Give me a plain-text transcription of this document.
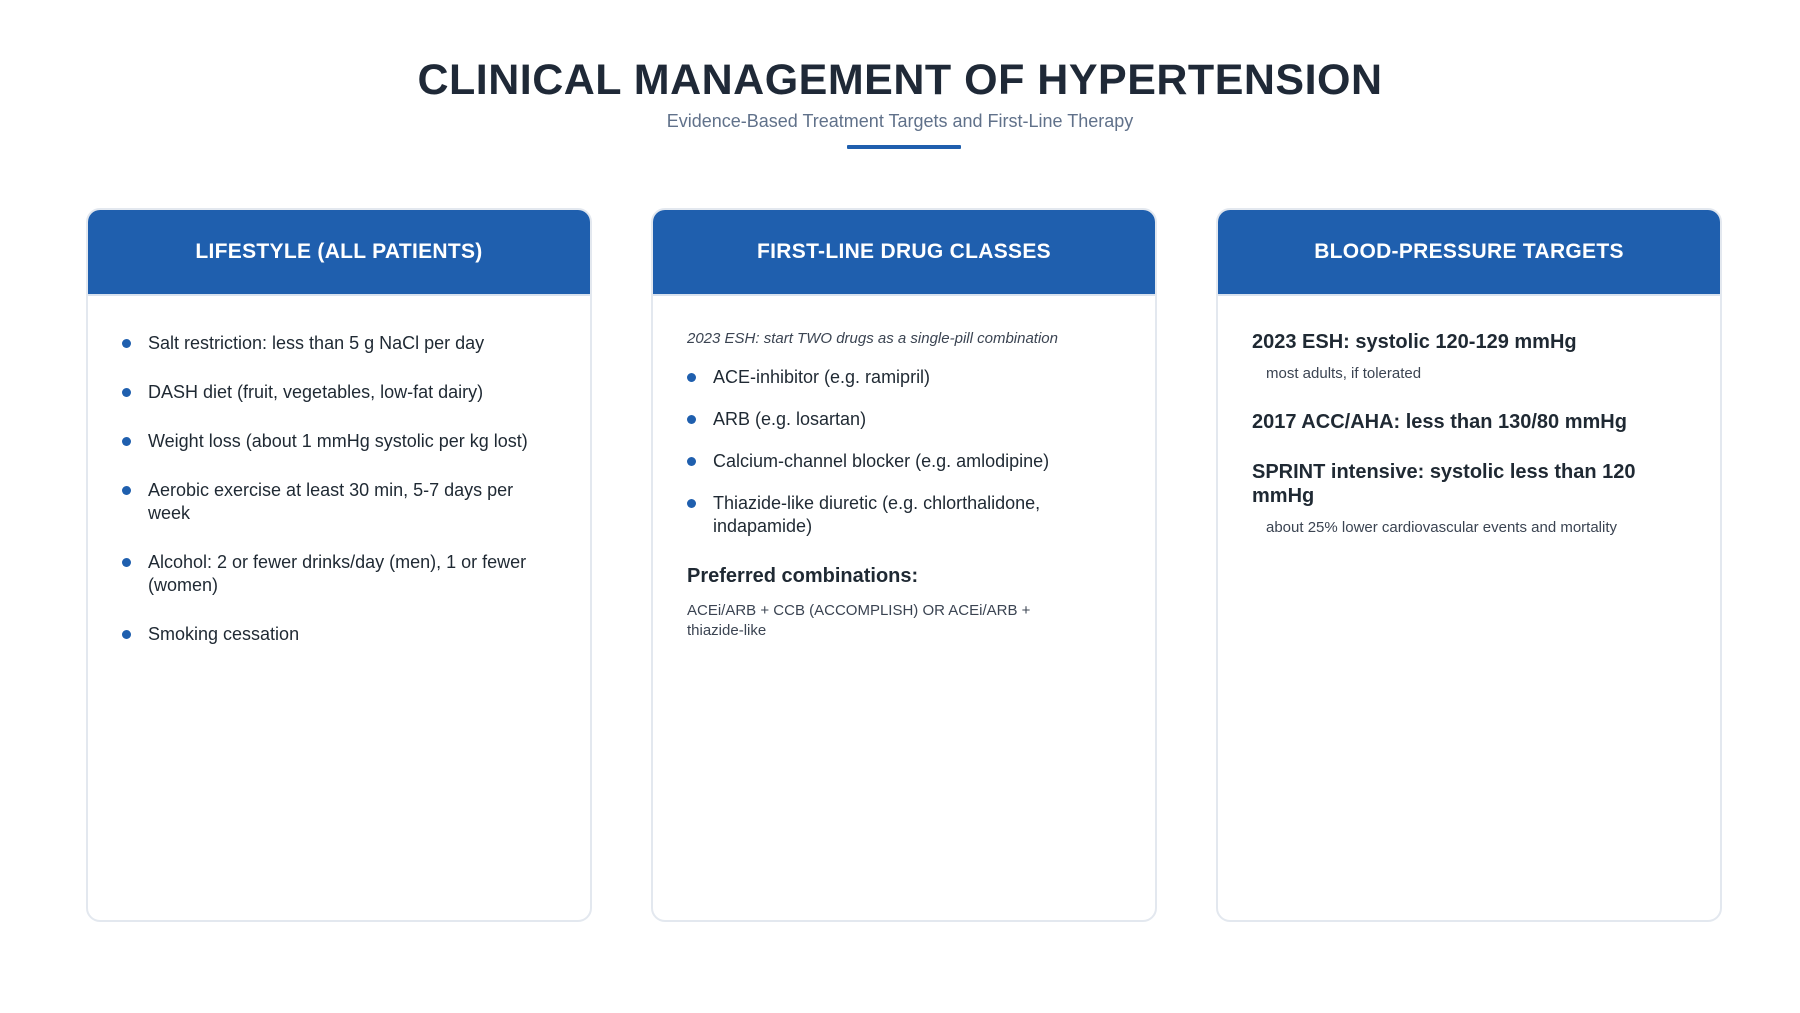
CLINICAL MANAGEMENT OF HYPERTENSION
Evidence-Based Treatment Targets and First-Line Therapy
LIFESTYLE (ALL PATIENTS)
Salt restriction: less than 5 g NaCl per day
DASH diet (fruit, vegetables, low-fat dairy)
Weight loss (about 1 mmHg systolic per kg lost)
Aerobic exercise at least 30 min, 5-7 days per week
Alcohol: 2 or fewer drinks/day (men), 1 or fewer (women)
Smoking cessation
FIRST-LINE DRUG CLASSES
2023 ESH: start TWO drugs as a single-pill combination
ACE-inhibitor (e.g. ramipril)
ARB (e.g. losartan)
Calcium-channel blocker (e.g. amlodipine)
Thiazide-like diuretic (e.g. chlorthalidone, indapamide)
Preferred combinations:
ACEi/ARB + CCB (ACCOMPLISH) OR ACEi/ARB + thiazide-like
BLOOD-PRESSURE TARGETS
2023 ESH: systolic 120-129 mmHg
most adults, if tolerated
2017 ACC/AHA: less than 130/80 mmHg
SPRINT intensive: systolic less than 120 mmHg
about 25% lower cardiovascular events and mortality
